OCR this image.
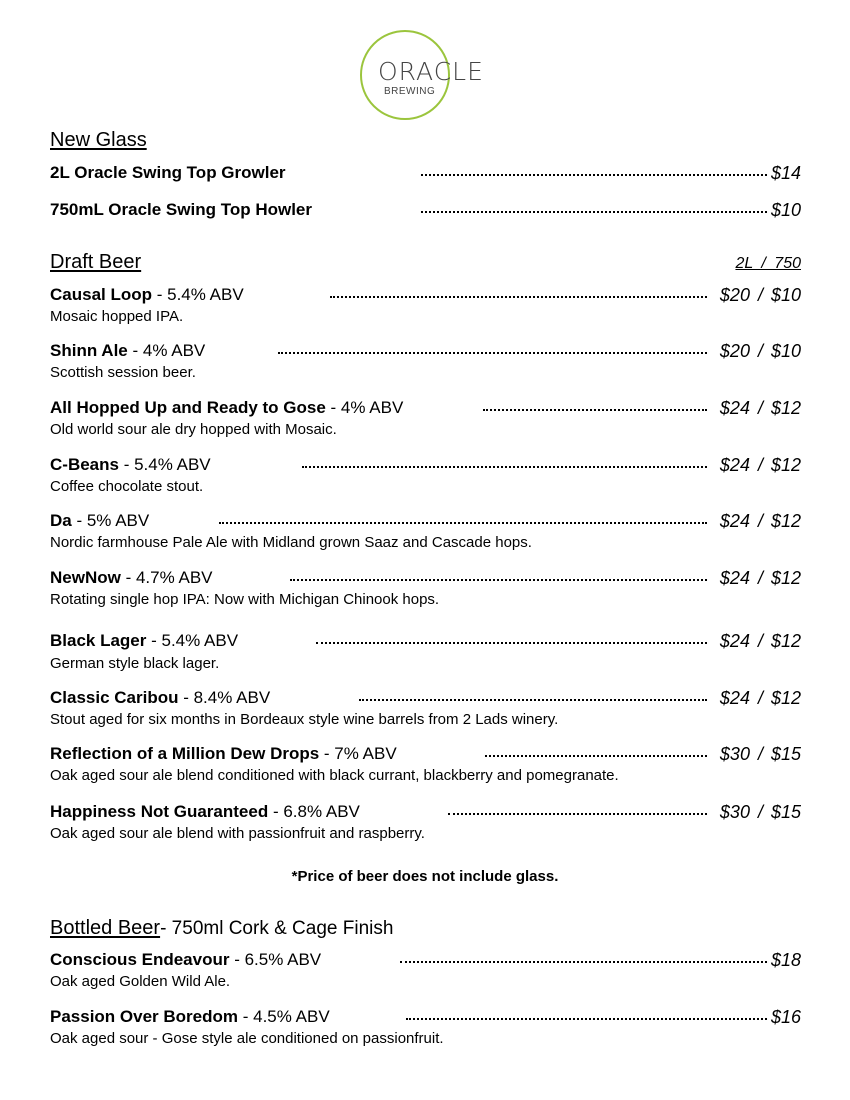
ORACLE
BREWING
New Glass
2L Oracle Swing Top Growler	$14
750mL Oracle Swing Top Howler	$10
Draft Beer	2L / 750
Causal Loop - 5.4% ABV	$20 / $10
Mosaic hopped IPA.
Shinn Ale - 4% ABV	$20 / $10
Scottish session beer.
All Hopped Up and Ready to Gose - 4% ABV	$24 / $12
Old world sour ale dry hopped with Mosaic.
C-Beans - 5.4% ABV	$24 / $12
Coffee chocolate stout.
Da - 5% ABV	$24 / $12
Nordic farmhouse Pale Ale with Midland grown Saaz and Cascade hops.
NewNow - 4.7% ABV	$24 / $12
Rotating single hop IPA: Now with Michigan Chinook hops.
Black Lager - 5.4% ABV	$24 / $12
German style black lager.
Classic Caribou - 8.4% ABV	$24 / $12
Stout aged for six months in Bordeaux style wine barrels from 2 Lads winery.
Reflection of a Million Dew Drops - 7% ABV	$30 / $15
Oak aged sour ale blend conditioned with black currant, blackberry and pomegranate.
Happiness Not Guaranteed - 6.8% ABV	$30 / $15
Oak aged sour ale blend with passionfruit and raspberry.
*Price of beer does not include glass.
Bottled Beer- 750ml Cork & Cage Finish
Conscious Endeavour - 6.5% ABV	$18
Oak aged Golden Wild Ale.
Passion Over Boredom - 4.5% ABV	$16
Oak aged sour - Gose style ale conditioned on passionfruit.
